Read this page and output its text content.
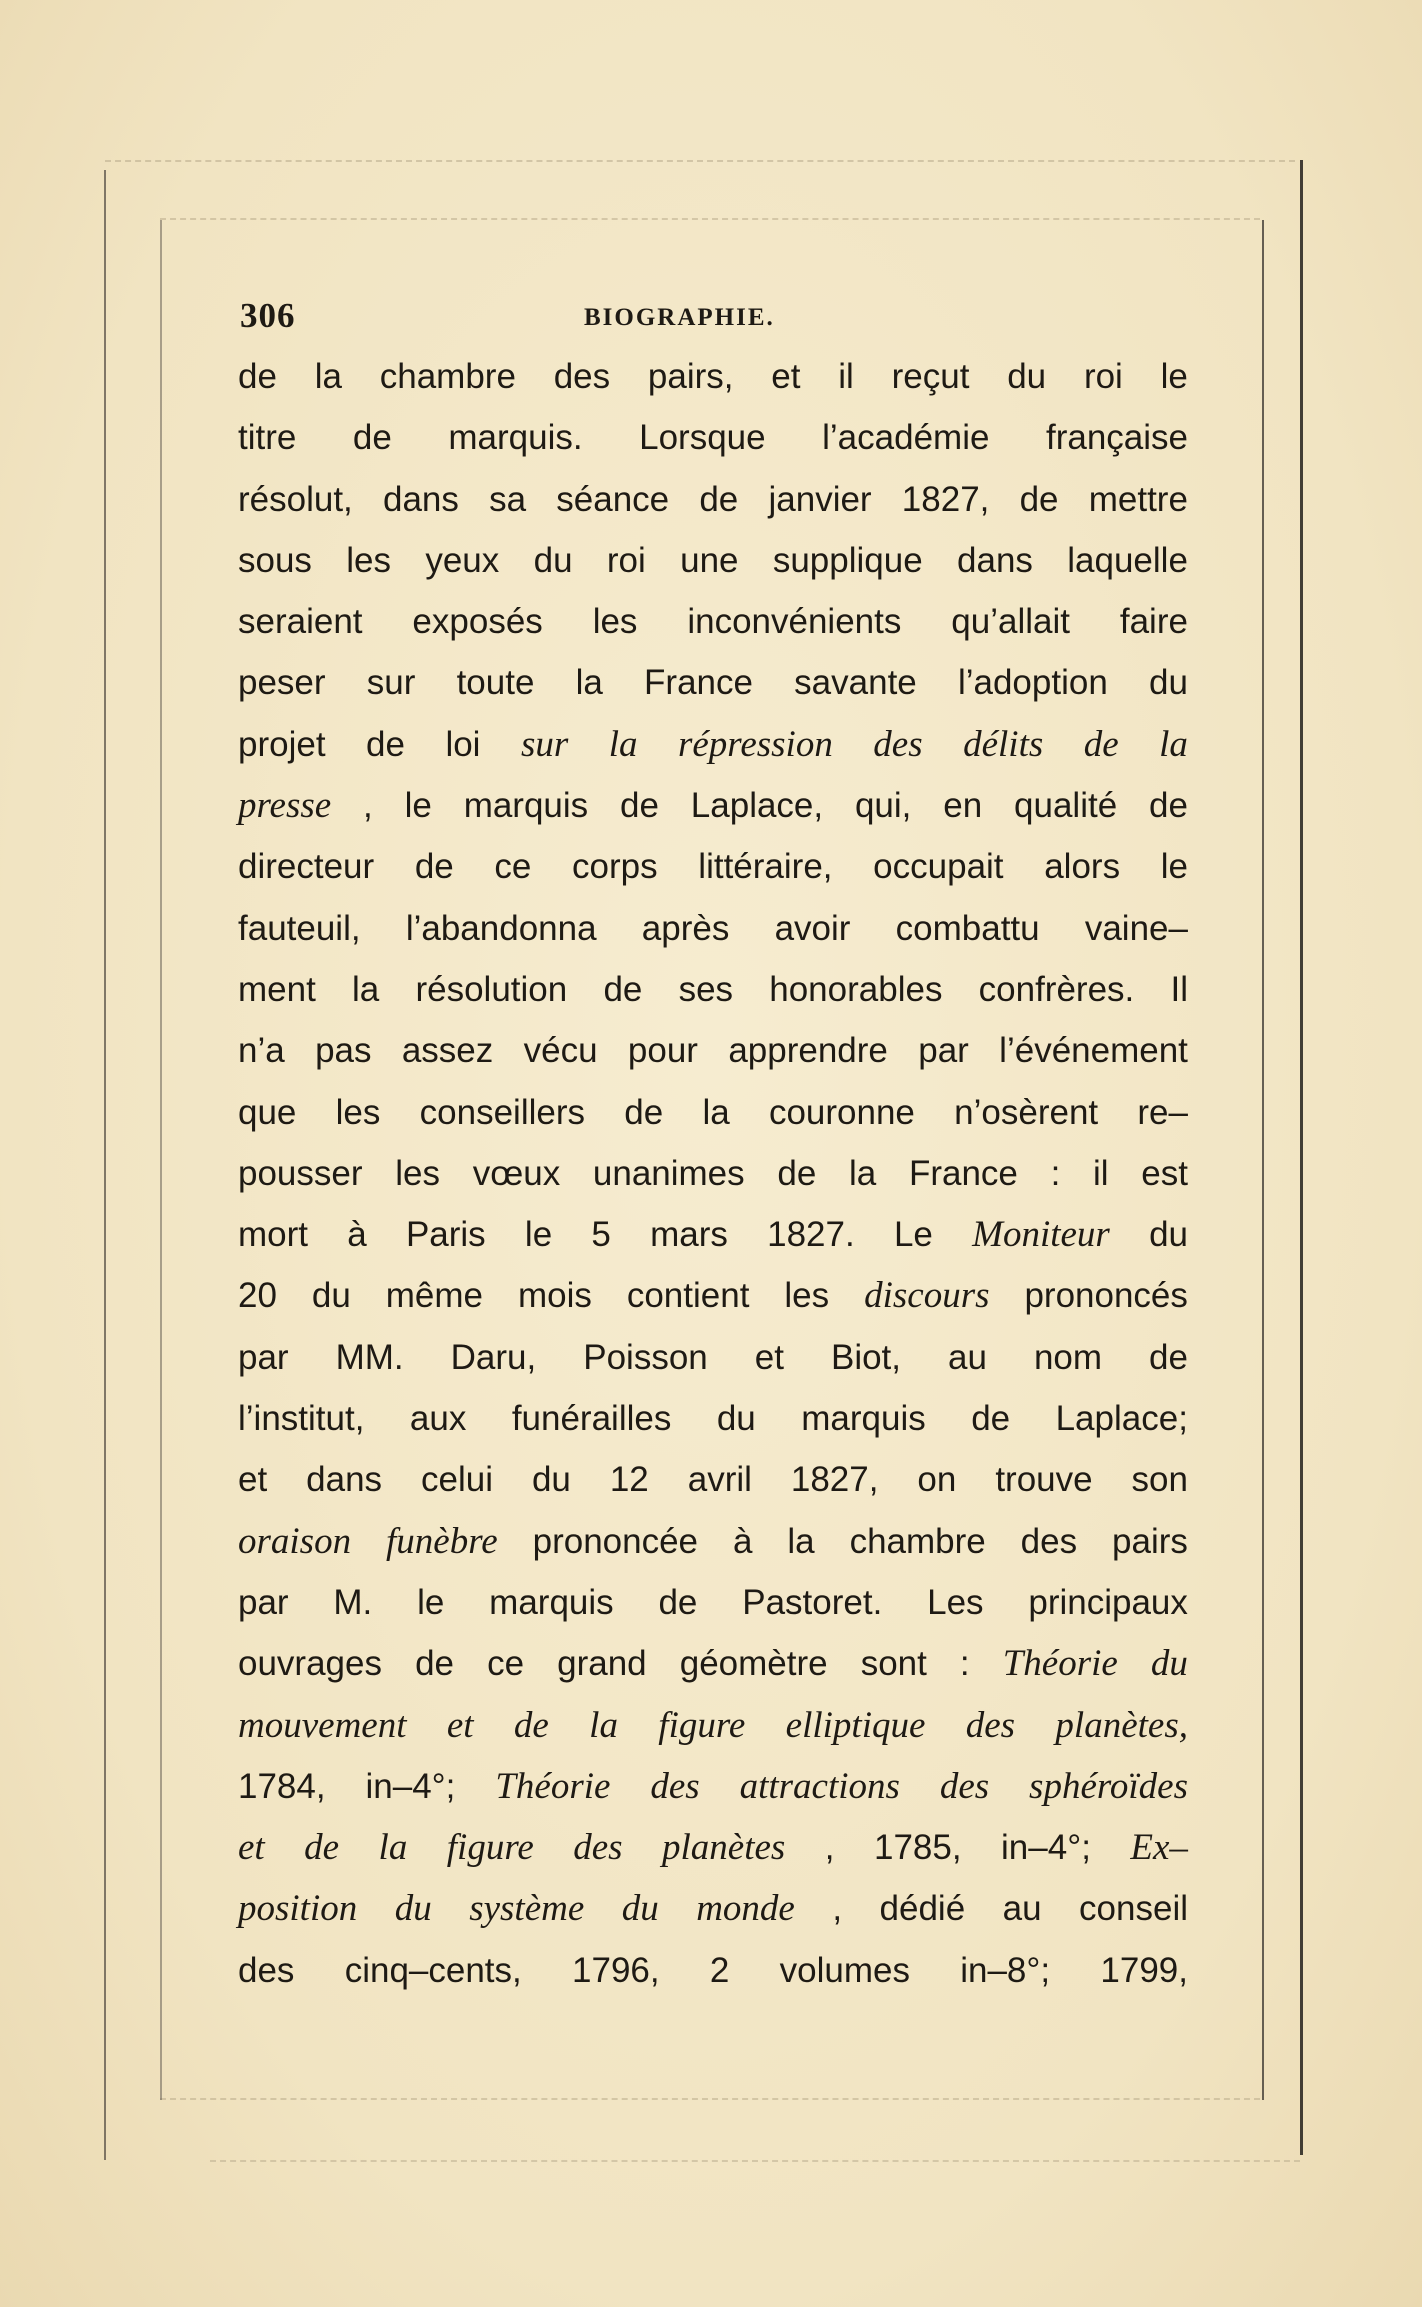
306	BIOGRAPHIE.
de la chambre des pairs, et il reçut du roi le
titre de marquis. Lorsque l’académie française
résolut, dans sa séance de janvier 1827, de mettre
sous les yeux du roi une supplique dans laquelle
seraient exposés les inconvénients qu’allait faire
peser sur toute la France savante l’adoption du
projet de loi sur la répression des délits de la
presse , le marquis de Laplace, qui, en qualité de
directeur de ce corps littéraire, occupait alors le
fauteuil, l’abandonna après avoir combattu vaine–
ment la résolution de ses honorables confrères. Il
n’a pas assez vécu pour apprendre par l’événement
que les conseillers de la couronne n’osèrent re–
pousser les vœux unanimes de la France : il est
mort à Paris le 5 mars 1827. Le Moniteur du
20 du même mois contient les discours prononcés
par MM. Daru, Poisson et Biot, au nom de
l’institut, aux funérailles du marquis de Laplace;
et dans celui du 12 avril 1827, on trouve son
oraison funèbre prononcée à la chambre des pairs
par M. le marquis de Pastoret. Les principaux
ouvrages de ce grand géomètre sont : Théorie du
mouvement et de la figure elliptique des planètes,
1784, in–4°; Théorie des attractions des sphéroïdes
et de la figure des planètes , 1785, in–4°; Ex–
position du système du monde , dédié au conseil
des cinq–cents, 1796, 2 volumes in–8°; 1799,
